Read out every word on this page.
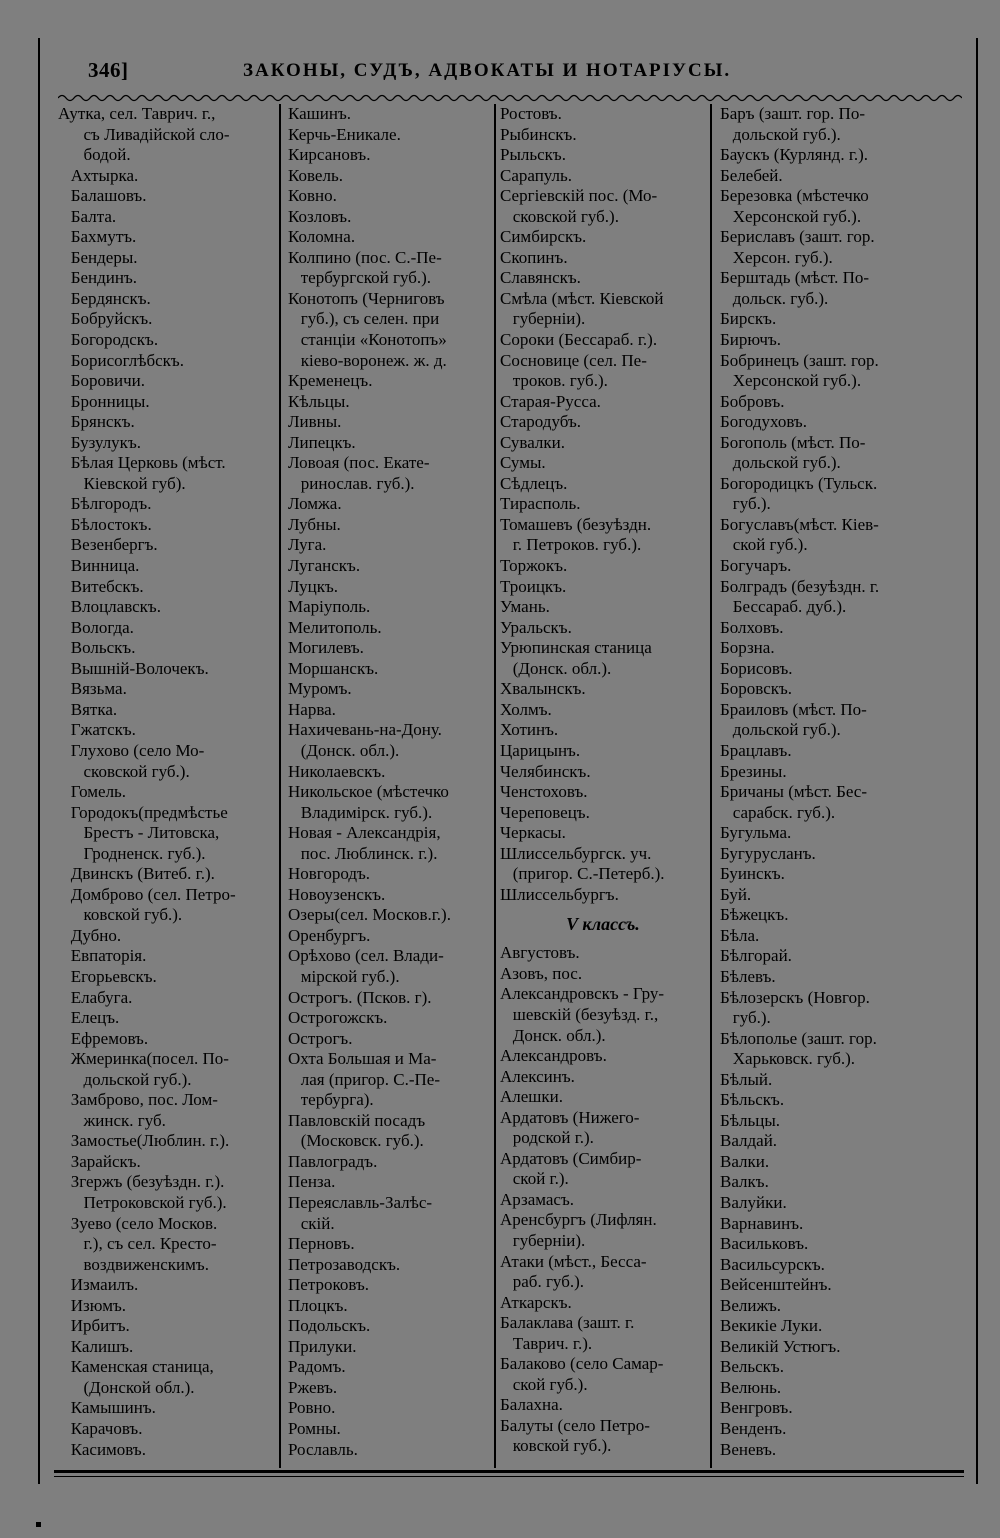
346]	ЗАКОНЫ, СУДЪ, АДВОКАТЫ И НОТАРІУСЫ.
Аутка, сел. Таврич. г.,
съ Ливадійской сло-
бодой.
Ахтырка.
Балашовъ.
Балта.
Бахмутъ.
Бендеры.
Бендинъ.
Бердянскъ.
Бобруйскъ.
Богородскъ.
Борисоглѣбскъ.
Боровичи.
Бронницы.
Брянскъ.
Бузулукъ.
Бѣлая Церковь (мѣст.
Кіевской губ).
Бѣлгородъ.
Бѣлостокъ.
Везенбергъ.
Винница.
Витебскъ.
Влоцлавскъ.
Вологда.
Вольскъ.
Вышній-Волочекъ.
Вязьма.
Вятка.
Гжатскъ.
Глухово (село Мо-
сковской губ.).
Гомель.
Городокъ(предмѣстье
Брестъ - Литовска,
Гродненск. губ.).
Двинскъ (Витеб. г.).
Домброво (сел. Петро-
ковской губ.).
Дубно.
Евпаторія.
Егорьевскъ.
Елабуга.
Елецъ.
Ефремовъ.
Жмеринка(посел. По-
дольской губ.).
Замброво, пос. Лом-
жинск. губ.
Замостье(Люблин. г.).
Зарайскъ.
Згержъ (безуѣздн. г.).
Петроковской губ.).
Зуево (село Москов.
г.), съ сел. Кресто-
воздвиженскимъ.
Измаилъ.
Изюмъ.
Ирбитъ.
Калишъ.
Каменская станица,
(Донской обл.).
Камышинъ.
Карачовъ.
Касимовъ.
Кашинъ.
Керчь-Еникале.
Кирсановъ.
Ковель.
Ковно.
Козловъ.
Коломна.
Колпино (пос. С.-Пе-
тербургской губ.).
Конотопъ (Черниговъ
губ.), съ селен. при
станціи «Конотопъ»
кіево-воронеж. ж. д.
Кременецъ.
Кѣльцы.
Ливны.
Липецкъ.
Ловоая (пос. Екате-
ринослав. губ.).
Ломжа.
Лубны.
Луга.
Луганскъ.
Луцкъ.
Маріуполь.
Мелитополь.
Могилевъ.
Моршанскъ.
Муромъ.
Нарва.
Нахичевань-на-Дону.
(Донск. обл.).
Николаевскъ.
Никольское (мѣстечко
Владимірск. губ.).
Новая - Александрія,
пос. Люблинск. г.).
Новгородъ.
Новоузенскъ.
Озеры(сел. Москов.г.).
Оренбургъ.
Орѣхово (сел. Влади-
мірской губ.).
Острогъ. (Псков. г).
Острогожскъ.
Острогъ.
Охта Большая и Ма-
лая (пригор. С.-Пе-
тербурга).
Павловскій посадъ
(Московск. губ.).
Павлоградъ.
Пенза.
Переяславль-Залѣс-
скій.
Перновъ.
Петрозаводскъ.
Петроковъ.
Плоцкъ.
Подольскъ.
Прилуки.
Радомъ.
Ржевъ.
Ровно.
Ромны.
Рославль.
Ростовъ.
Рыбинскъ.
Рыльскъ.
Сарапуль.
Сергіевскій пос. (Мо-
сковской губ.).
Симбирскъ.
Скопинъ.
Славянскъ.
Смѣла (мѣст. Кіевской
губерніи).
Сороки (Бессараб. г.).
Сосновице (сел. Пе-
троков. губ.).
Старая-Русса.
Стародубъ.
Сувалки.
Сумы.
Сѣдлецъ.
Тирасполь.
Томашевъ (безуѣздн.
г. Петроков. губ.).
Торжокъ.
Троицкъ.
Умань.
Уральскъ.
Урюпинская станица
(Донск. обл.).
Хвалынскъ.
Холмъ.
Хотинъ.
Царицынъ.
Челябинскъ.
Ченстоховъ.
Череповецъ.
Черкасы.
Шлиссельбургск. уч.
(пригор. С.-Петерб.).
Шлиссельбургъ.
V классъ.
Августовъ.
Азовъ, пос.
Александровскъ - Гру-
шевскій (безуѣзд. г.,
Донск. обл.).
Александровъ.
Алексинъ.
Алешки.
Ардатовъ (Нижего-
родской г.).
Ардатовъ (Симбир-
ской г.).
Арзамасъ.
Аренсбургъ (Лифлян.
губерніи).
Атаки (мѣст., Бесса-
раб. губ.).
Аткарскъ.
Балаклава (зашт. г.
Таврич. г.).
Балаково (село Самар-
ской губ.).
Балахна.
Балуты (село Петро-
ковской губ.).
Баръ (зашт. гор. По-
дольской губ.).
Баускъ (Курлянд. г.).
Белебей.
Березовка (мѣстечко
Херсонской губ.).
Бериславъ (зашт. гор.
Херсон. губ.).
Берштадь (мѣст. По-
дольск. губ.).
Бирскъ.
Бирючъ.
Бобринецъ (зашт. гор.
Херсонской губ.).
Бобровъ.
Богодуховъ.
Богополь (мѣст. По-
дольской губ.).
Богородицкъ (Тульск.
губ.).
Богуславъ(мѣст. Кіев-
ской губ.).
Богучаръ.
Болградъ (безуѣздн. г.
Бессараб. дуб.).
Болховъ.
Борзна.
Борисовъ.
Боровскъ.
Браиловъ (мѣст. По-
дольской губ.).
Брацлавъ.
Брезины.
Бричаны (мѣст. Бес-
сарабск. губ.).
Бугульма.
Бугурусланъ.
Буинскъ.
Буй.
Бѣжецкъ.
Бѣла.
Бѣлгорай.
Бѣлевъ.
Бѣлозерскъ (Новгор.
губ.).
Бѣлополье (зашт. гор.
Харьковск. губ.).
Бѣлый.
Бѣльскъ.
Бѣльцы.
Валдай.
Валки.
Валкъ.
Валуйки.
Варнавинъ.
Васильковъ.
Васильсурскъ.
Вейсенштейнъ.
Велижъ.
Векикіе Луки.
Великій Устюгъ.
Вельскъ.
Велюнь.
Венгровъ.
Венденъ.
Веневъ.
